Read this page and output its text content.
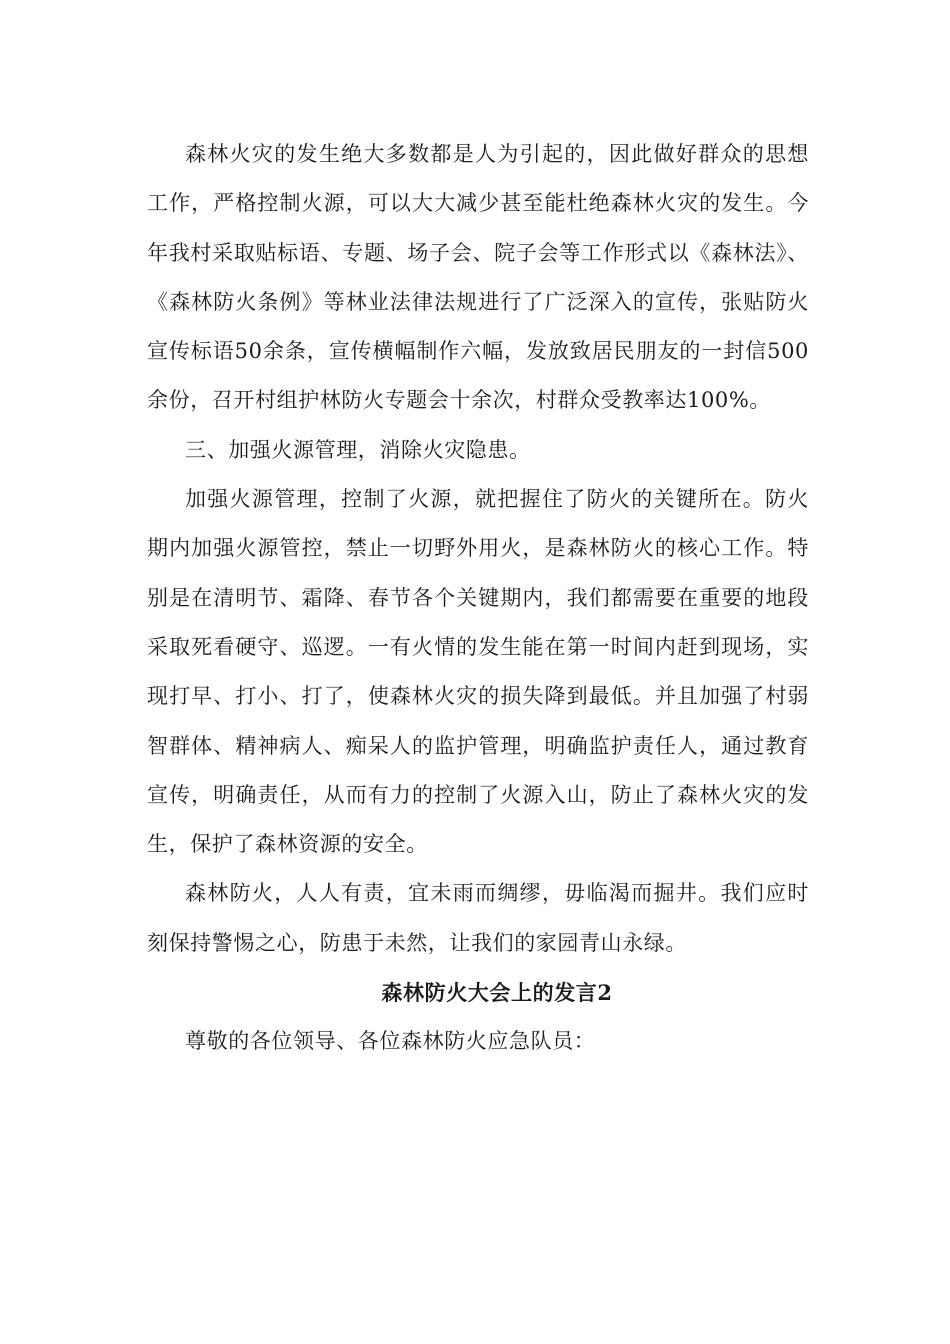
森林火灾的发生绝大多数都是人为引起的，因此做好群众的思想工作，严格控制火源，可以大大减少甚至能杜绝森林火灾的发生。今年我村采取贴标语、专题、场子会、院子会等工作形式以《森林法》、《森林防火条例》等林业法律法规进行了广泛深入的宣传，张贴防火宣传标语50余条，宣传横幅制作六幅，发放致居民朋友的一封信500余份，召开村组护林防火专题会十余次，村群众受教率达100%。

三、加强火源管理，消除火灾隐患。

加强火源管理，控制了火源，就把握住了防火的关键所在。防火期内加强火源管控，禁止一切野外用火，是森林防火的核心工作。特别是在清明节、霜降、春节各个关键期内，我们都需要在重要的地段采取死看硬守、巡逻。一有火情的发生能在第一时间内赶到现场，实现打早、打小、打了，使森林火灾的损失降到最低。并且加强了村弱智群体、精神病人、痴呆人的监护管理，明确监护责任人，通过教育宣传，明确责任，从而有力的控制了火源入山，防止了森林火灾的发生，保护了森林资源的安全。

森林防火，人人有责，宜未雨而绸缪，毋临渴而掘井。我们应时刻保持警惕之心，防患于未然，让我们的家园青山永绿。

森林防火大会上的发言2

尊敬的各位领导、各位森林防火应急队员：
